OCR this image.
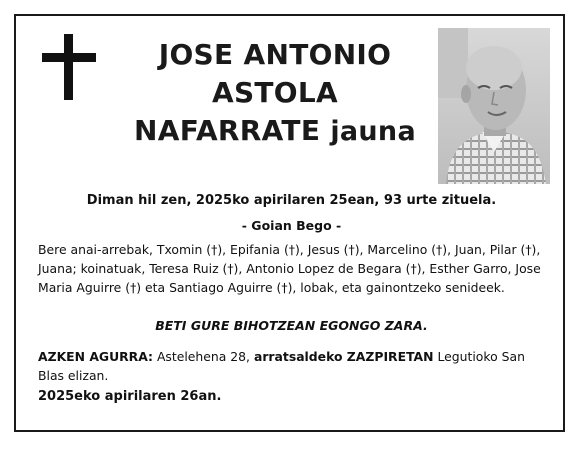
JOSE ANTONIO
ASTOLA
NAFARRATE jauna
Diman hil zen, 2025ko apirilaren 25ean, 93 urte zituela.
- Goian Bego -
Bere anai-arrebak, Txomin (†), Epifania (†), Jesus (†), Marcelino (†), Juan, Pilar (†), Juana; koinatuak, Teresa Ruiz (†), Antonio Lopez de Begara (†), Esther Garro, Jose Maria Aguirre (†) eta Santiago Aguirre (†), lobak, eta gainontzeko senideek.
BETI GURE BIHOTZEAN EGONGO ZARA.
AZKEN AGURRA: Astelehena 28, arratsaldeko ZAZPIRETAN Legutioko San Blas elizan.
2025eko apirilaren 26an.
